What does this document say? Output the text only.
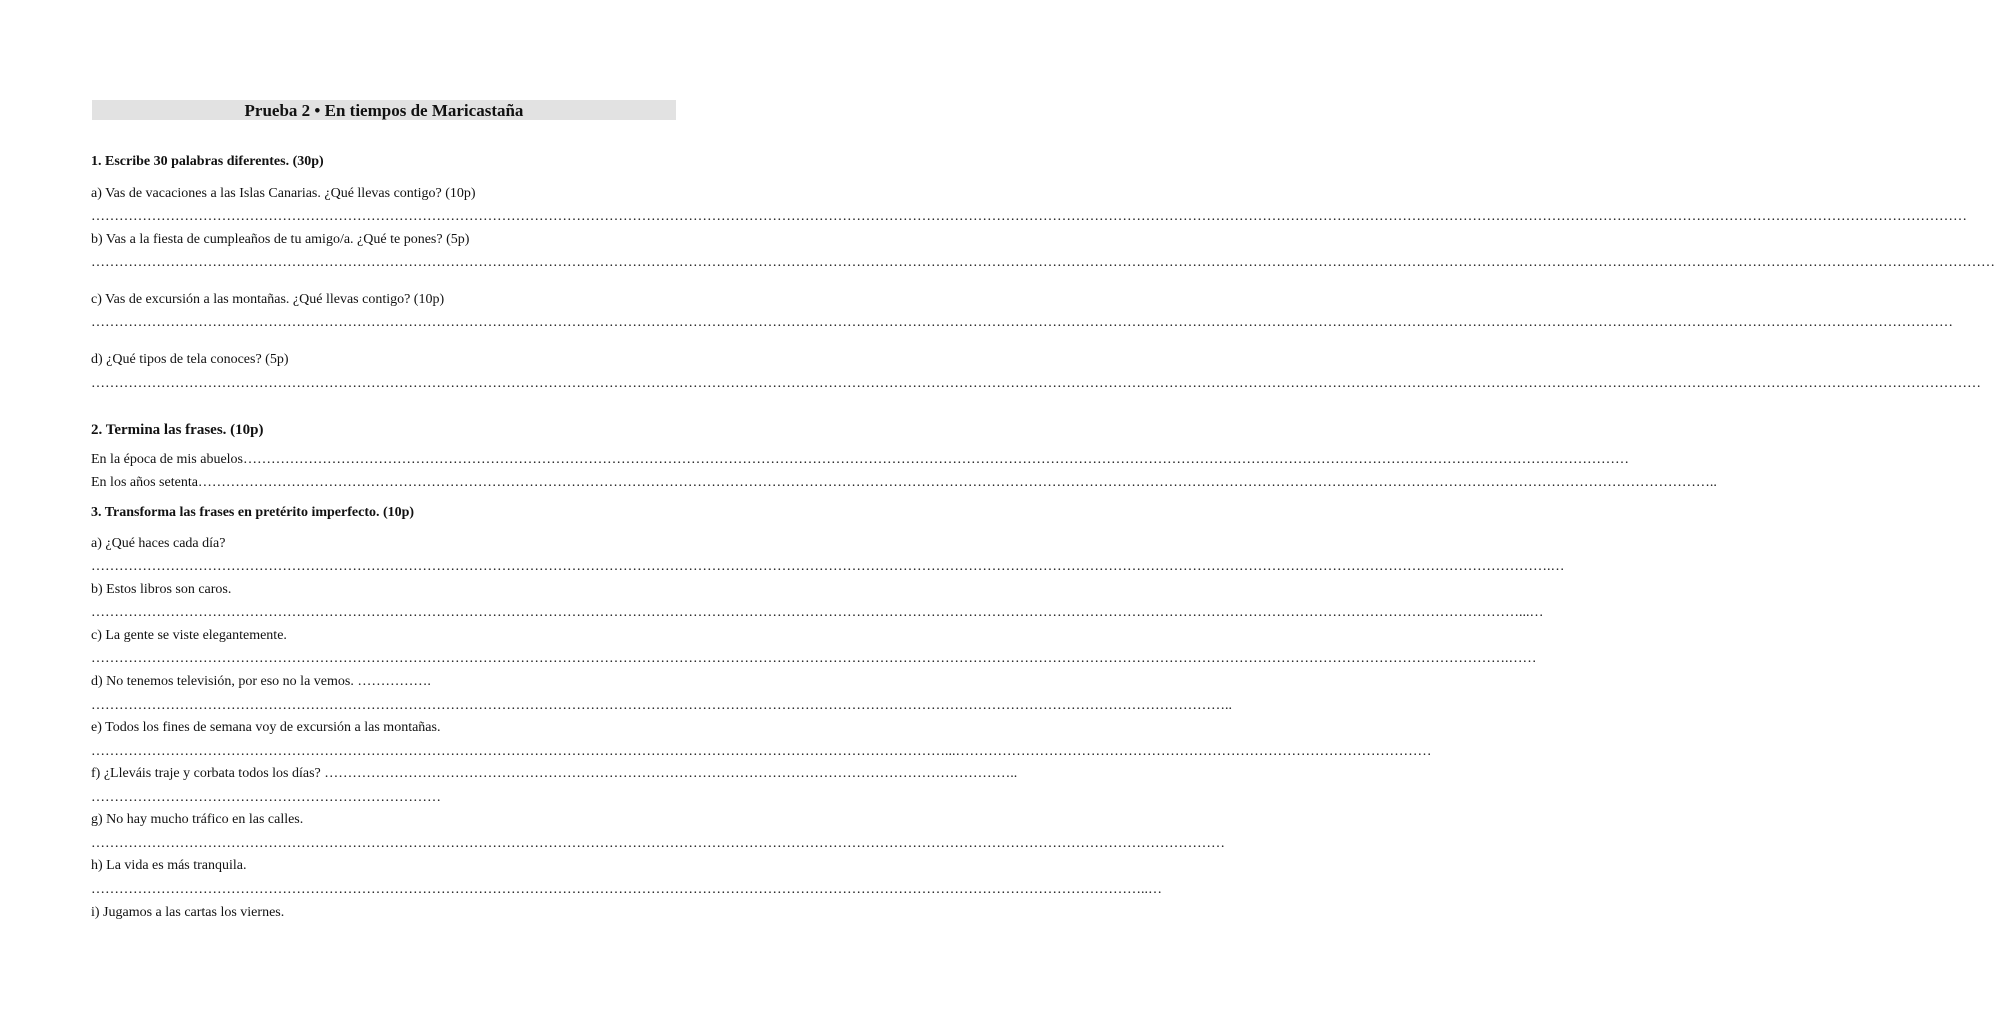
Prueba 2 • En tiempos de Maricastaña
1. Escribe 30 palabras diferentes. (30p)
a) Vas de vacaciones a las Islas Canarias. ¿Qué llevas contigo? (10p)
……………………………………………………………………………………………………………………………………………………………………………………………………………………………………………………………………………………………………………………………………………………………………
b) Vas a la fiesta de cumpleaños de tu amigo/a. ¿Qué te pones? (5p)
…………………………………………………………………………………………………………………………………………………………………………………………………………………………………………………………………………………………………………………………………………………………………………
c) Vas de excursión a las montañas. ¿Qué llevas contigo? (10p)
…………………………………………………………………………………………………………………………………………………………………………………………………………………………………………………………………………………………………………………………………………………………………
d) ¿Qué tipos de tela conoces? (5p)
………………………………………………………………………………………………………………………………………………………………………………………………………………………………………………………………………………………………………………………………………………………………………
2. Termina las frases. (10p)
En la época de mis abuelos………………………………………………………………………………………………………………………………………………………………………………………………………………………………………………………………………
En los años setenta………………………………………………………………………………………………………………………………………………………………………………………………………………………………………………………………………………………………..
3. Transforma las frases en pretérito imperfecto. (10p)
a) ¿Qué haces cada día?
…………………………………………………………………………………………………………………………………………………………………………………………………………………………………………………………………………………….…
b) Estos libros son caros.
………………………………………………………………………………………………………………………………………………………………………………………………………………………………………………………………………………...…
c) La gente se viste elegantemente.
…………………………………………………………………………………………………………………………………………………………………………………………………………………………………………………………………………….……
d) No tenemos televisión, por eso no la vemos. …………….
………………………………………………………………………………………………………………………………………………………………………………………………………………………..
e) Todos los fines de semana voy de excursión a las montañas.
…………………………………………………………………………………………………………………………………………………………………...…………………………………………………………………………………………
f) ¿Lleváis traje y corbata todos los días? …………………………………………………………………………………………………………………………………..
…………………………………………………………………
g) No hay mucho tráfico en las calles.
………………………………………………………………………………………………………………………………………………………………………………………………………………………
h) La vida es más tranquila.
………………………………………………………………………………………………………………………………………………………………………………………………………..…
i) Jugamos a las cartas los viernes.
